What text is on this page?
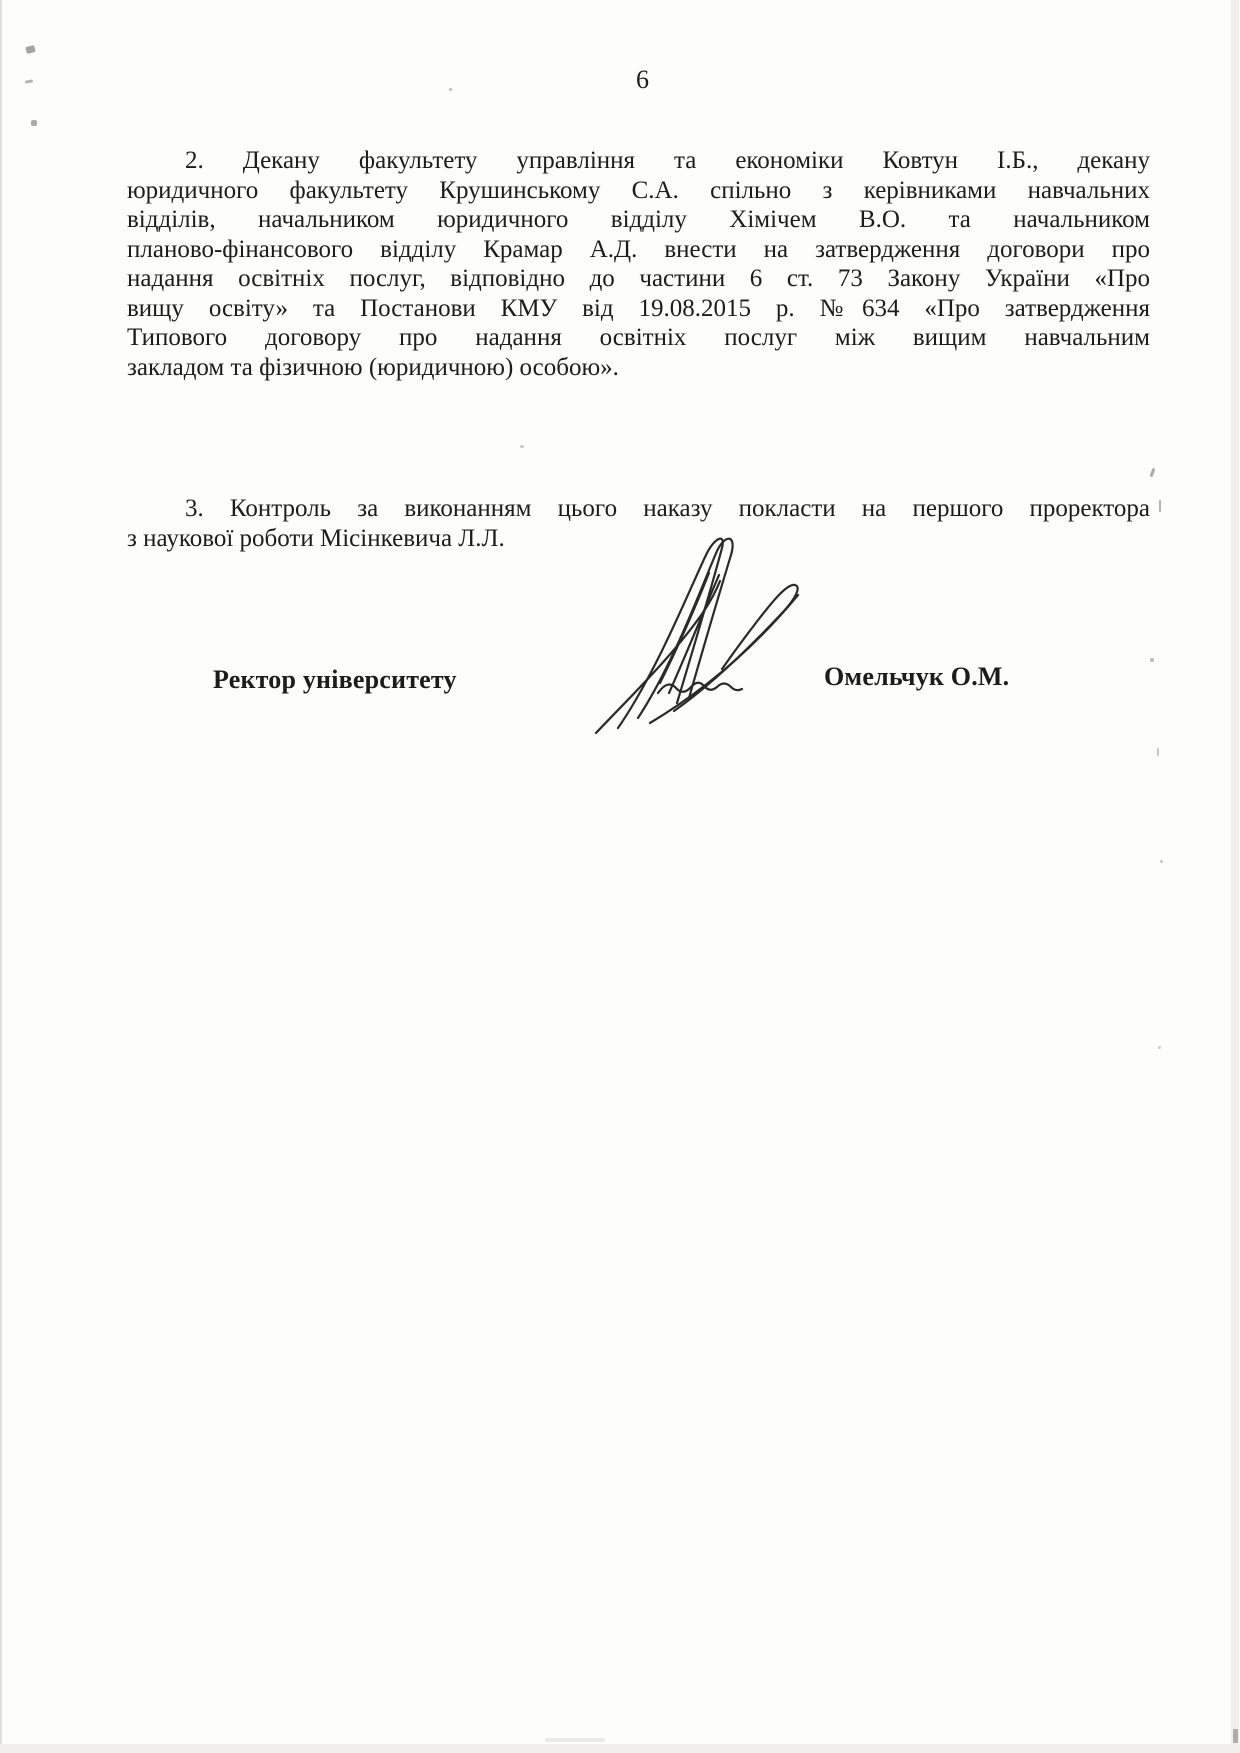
6
2. Декану факультету управління та економіки Ковтун І.Б., декану
юридичного факультету Крушинському С.А. спільно з керівниками навчальних
відділів, начальником юридичного відділу Хімічем В.О. та начальником
планово-фінансового відділу Крамар А.Д. внести на затвердження договори про
надання освітніх послуг, відповідно до частини 6 ст. 73 Закону України «Про
вищу освіту» та Постанови КМУ від 19.08.2015 р. №634 «Про затвердження
Типового договору про надання освітніх послуг між вищим навчальним
закладом та фізичною (юридичною) особою».
3. Контроль за виконанням цього наказу покласти на першого проректора
з наукової роботи Місінкевича Л.Л.
Ректор університету	Омельчук О.М.
